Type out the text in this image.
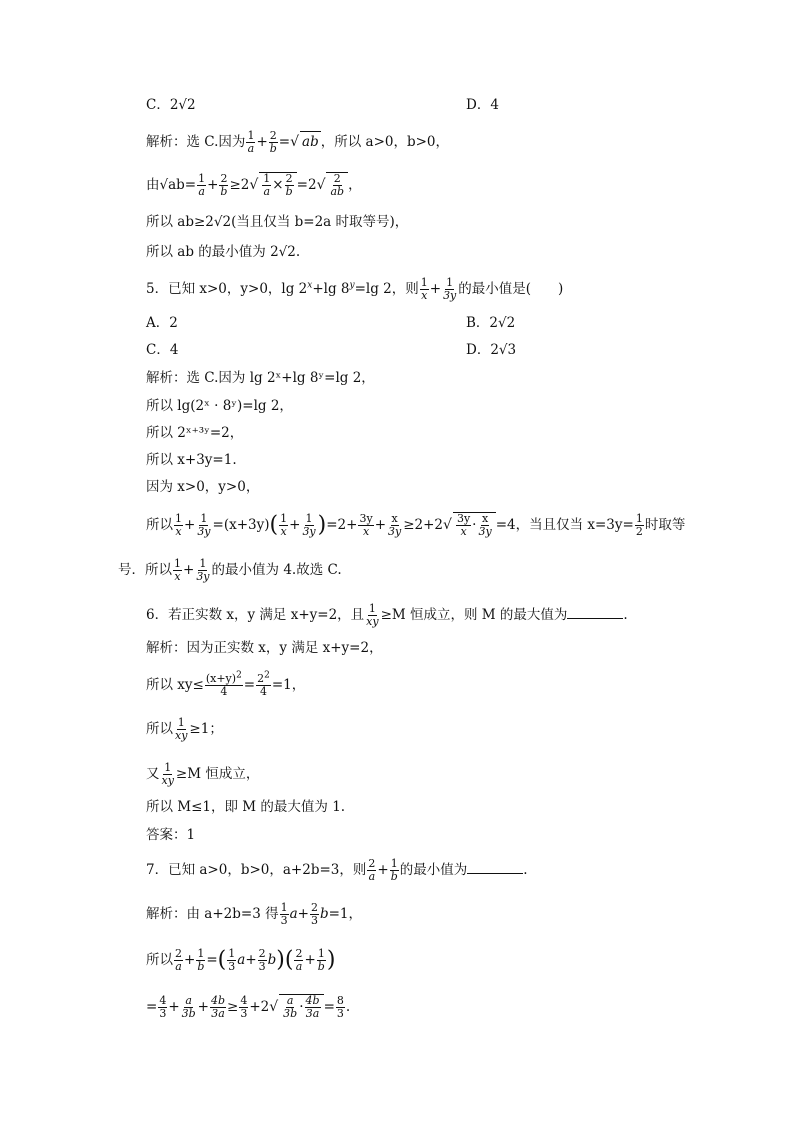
C．2√2	D．4
解析：选 C.因为 $\frac{1}{a} + \frac{2}{b}$ =√ ab ，所以 a>0，b>0，
由$√ab= \frac{1}{a} + \frac{2}{b} \ge 2√ \frac{1}{a} \times \frac{2}{b} =2√ \frac{2}{ab}$ ，
所以 ab≥2√2(当且仅当 b=2a 时取等号)，
所以 ab 的最小值为 2√2.
5．已知 x>0，y>0，$\lg 2^x+\lg$ $8^y=\lg$ 2，则 $\frac{1}{x} + \frac{1}{3y}$ 的最小值是(　　)
A．2	B．2√2
C．4	D．2√3
解析：选 C.因为 lg 2ˣ+lg 8ʸ=lg 2，
所以 lg(2ˣ · 8ʸ)=lg 2，
所以 2ˣ⁺³ʸ=2，
所以 x+3y=1.
因为 x>0，y>0，
所以 $\frac{1}{x} + \frac{1}{3y} =(x+3y)( \frac{1}{x} + \frac{1}{3y} )=2+ \frac{3y}{x} + \frac{x}{3y} \ge 2+2√ \frac{3y}{x} \cdot \frac{x}{3y} =4$，当且仅当 $x=3y= \frac{1}{2}$ 时取等
号．所以 $\frac{1}{x} + \frac{1}{3y}$ 的最小值为 4.故选 C.
6．若正实数 x，y 满足 x+y=2，且 $\frac{1}{xy} \ge M$ 恒成立，则 M 的最大值为	.
解析：因为正实数 x，y 满足 x+y=2，
所以 $xy\le \frac{(x+y)^2}{4} = \frac{2^2}{4} =1$，
所以 $\frac{1}{xy} \ge 1$；
又 $\frac{1}{xy} \ge M$ 恒成立，
所以 M≤1，即 M 的最大值为 1.
答案：1
7．已知 a>0，b>0，a+2b=3，则 $\frac{2}{a} + \frac{1}{b}$ 的最小值为	.
解析：由 a+2b=3 得 $\frac{1}{3} a+ \frac{2}{3} b=1$，
所以 $\frac{2}{a} + \frac{1}{b}$ =( $\frac{1}{3} a+ \frac{2}{3} b)( \frac{2}{a} + \frac{1}{b}$ )
= $\frac{4}{3} + \frac{a}{3b} + \frac{4b}{3a} \ge \frac{4}{3} +2√ \frac{a}{3b} \cdot \frac{4b}{3a} = \frac{8}{3}$ .
